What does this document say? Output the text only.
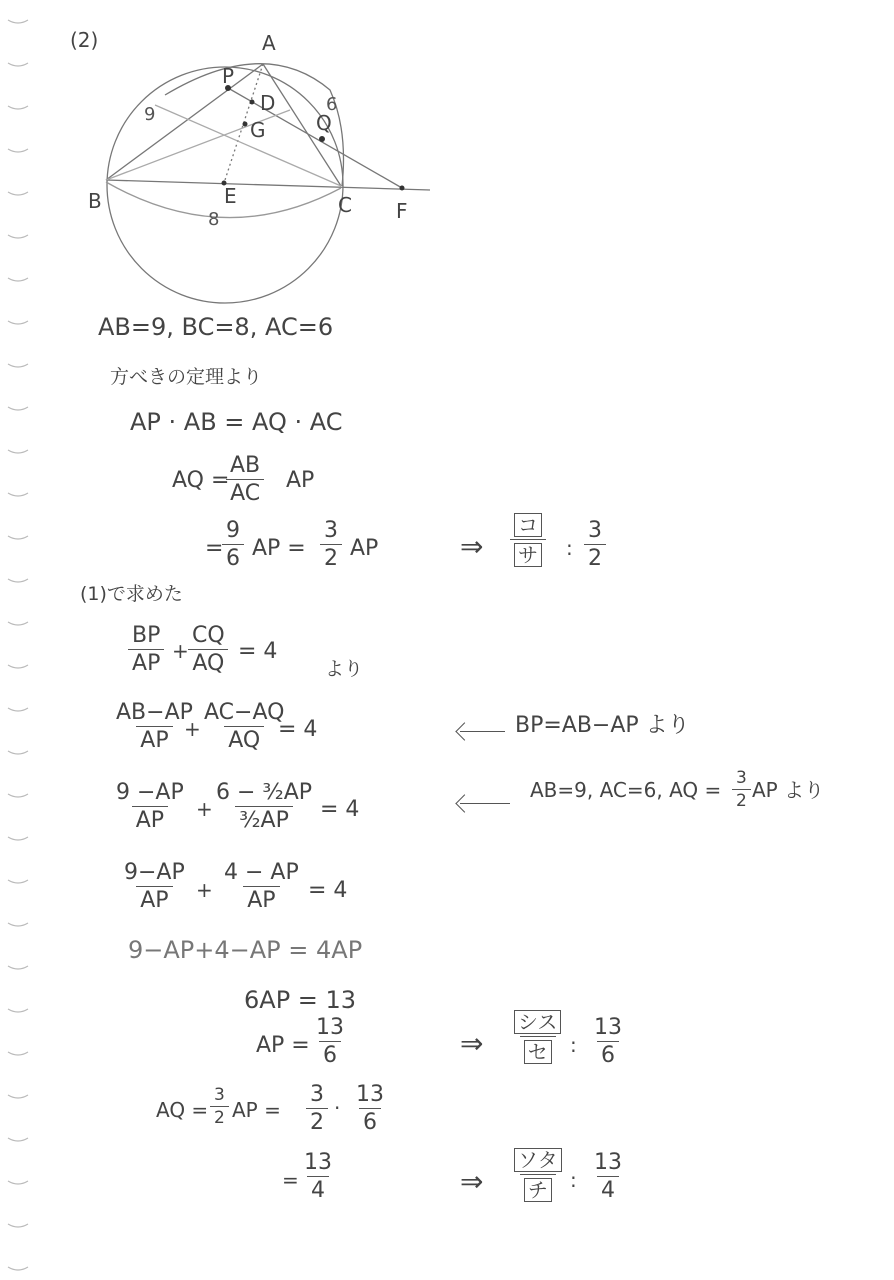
(2)	A
P
D
G	Q
B	E	C F
9	6
8
AB=9, BC=8, AC=6
方べきの定理より
AP · AB = AQ · AC
AQ =
$\frac{AB}{AC}$ AP
=
$\frac{9}{6}$ AP = $\frac{3}{2}$ AP	⇒
コ
サ	: $\frac{3}{2}$
(1)で求めた
$\frac{BP}{AP} + \frac{CQ}{AQ} = 4$
より
$\frac{AB-AP}{AP}$
+ $\frac{AC-AQ}{AQ}$
= 4	BP=AB−AP より
$\frac{9 -AP}{AP} + \frac{\text{6 − ³⁄₂AP}}{\text{³⁄₂AP}} = 4$
AB=9, AC=6, AQ = $\frac{3}{2}$ AP より
$\frac{9-AP}{AP} + \frac{4 - AP}{AP} = 4$
9−AP+4−AP = 4AP
6AP = 13
AP = $\frac{13}{6}$	⇒
シス
セ	: $\frac{13}{6}$
AQ = $\frac{3}{2}$ AP = $\frac{3}{2} \cdot \frac{13}{6}$
= $\frac{13}{4}$	⇒
ソタ
チ	: $\frac{13}{4}$
